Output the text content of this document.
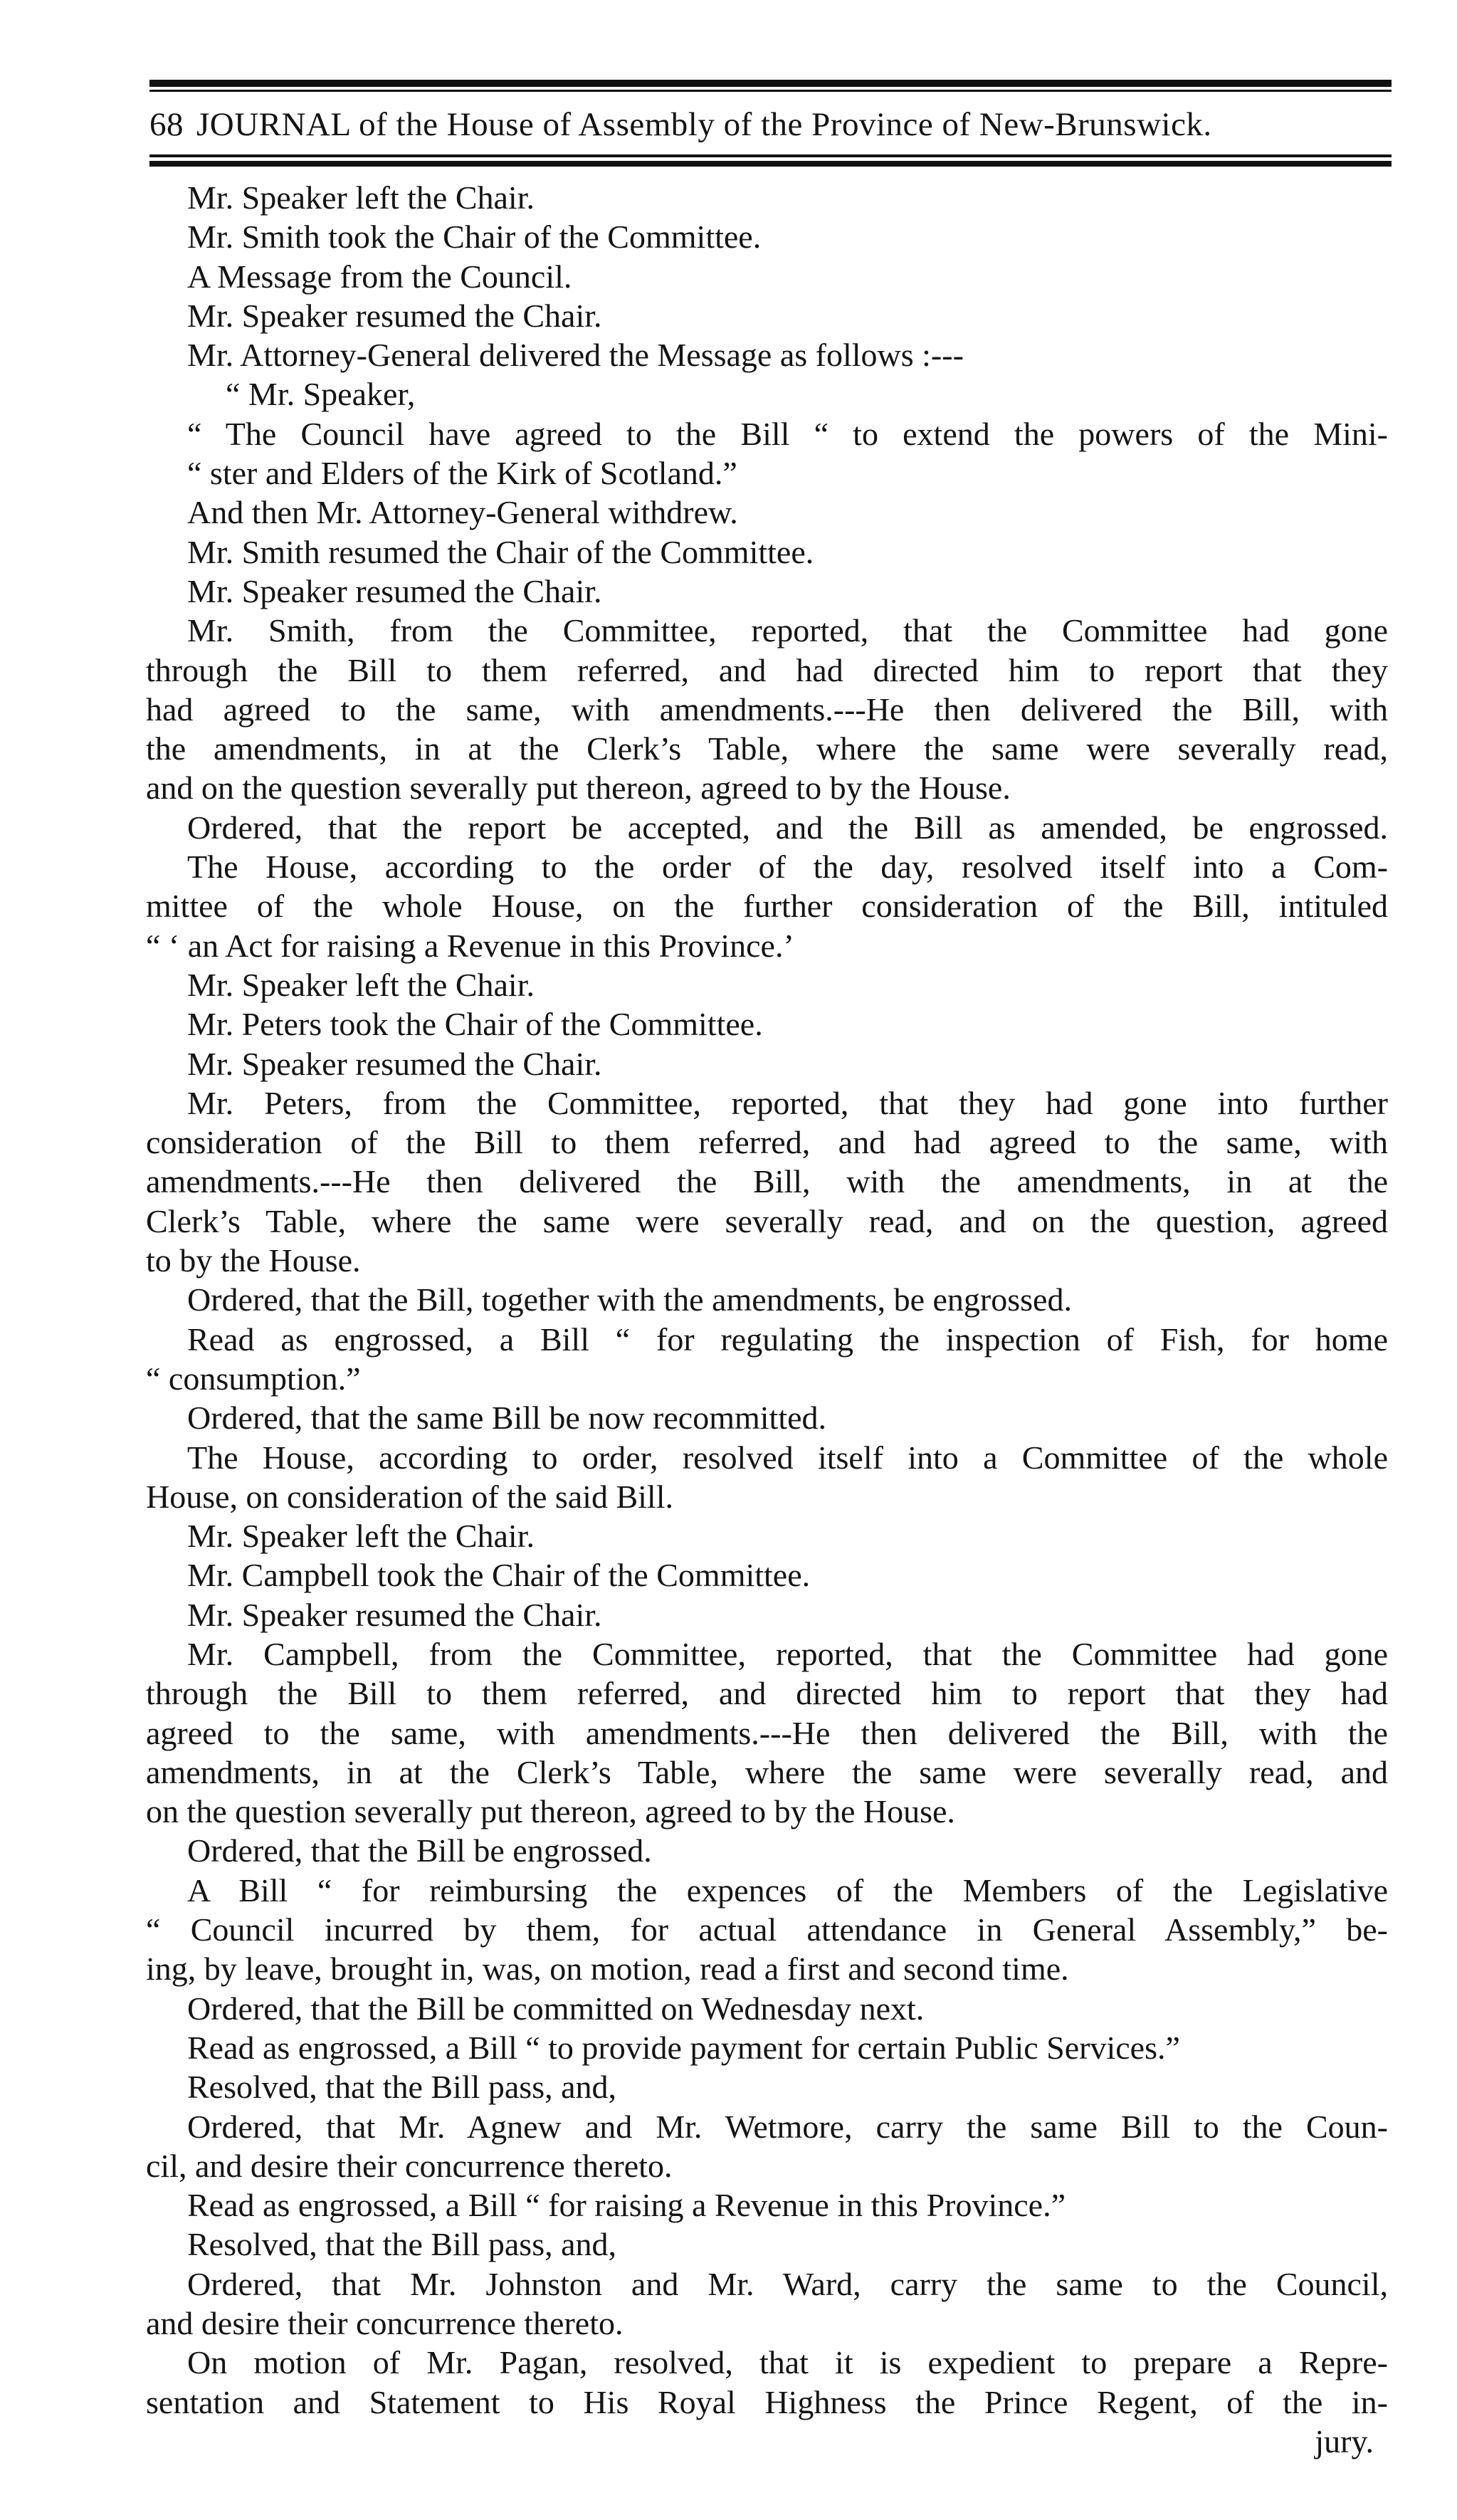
68 JOURNAL of the House of Assembly of the Province of New-Brunswick.
Mr. Speaker left the Chair.
Mr. Smith took the Chair of the Committee.
A Message from the Council.
Mr. Speaker resumed the Chair.
Mr. Attorney-General delivered the Message as follows :---
“ Mr. Speaker,
“ The Council have agreed to the Bill “ to extend the powers of the Mini-
“ ster and Elders of the Kirk of Scotland.”
And then Mr. Attorney-General withdrew.
Mr. Smith resumed the Chair of the Committee.
Mr. Speaker resumed the Chair.
Mr. Smith, from the Committee, reported, that the Committee had gone
through the Bill to them referred, and had directed him to report that they
had agreed to the same, with amendments.---He then delivered the Bill, with
the amendments, in at the Clerk’s Table, where the same were severally read,
and on the question severally put thereon, agreed to by the House.
Ordered, that the report be accepted, and the Bill as amended, be engrossed.
The House, according to the order of the day, resolved itself into a Com-
mittee of the whole House, on the further consideration of the Bill, intituled
“ ‘ an Act for raising a Revenue in this Province.’
Mr. Speaker left the Chair.
Mr. Peters took the Chair of the Committee.
Mr. Speaker resumed the Chair.
Mr. Peters, from the Committee, reported, that they had gone into further
consideration of the Bill to them referred, and had agreed to the same, with
amendments.---He then delivered the Bill, with the amendments, in at the
Clerk’s Table, where the same were severally read, and on the question, agreed
to by the House.
Ordered, that the Bill, together with the amendments, be engrossed.
Read as engrossed, a Bill “ for regulating the inspection of Fish, for home
“ consumption.”
Ordered, that the same Bill be now recommitted.
The House, according to order, resolved itself into a Committee of the whole
House, on consideration of the said Bill.
Mr. Speaker left the Chair.
Mr. Campbell took the Chair of the Committee.
Mr. Speaker resumed the Chair.
Mr. Campbell, from the Committee, reported, that the Committee had gone
through the Bill to them referred, and directed him to report that they had
agreed to the same, with amendments.---He then delivered the Bill, with the
amendments, in at the Clerk’s Table, where the same were severally read, and
on the question severally put thereon, agreed to by the House.
Ordered, that the Bill be engrossed.
A Bill “ for reimbursing the expences of the Members of the Legislative
“ Council incurred by them, for actual attendance in General Assembly,” be-
ing, by leave, brought in, was, on motion, read a first and second time.
Ordered, that the Bill be committed on Wednesday next.
Read as engrossed, a Bill “ to provide payment for certain Public Services.”
Resolved, that the Bill pass, and,
Ordered, that Mr. Agnew and Mr. Wetmore, carry the same Bill to the Coun-
cil, and desire their concurrence thereto.
Read as engrossed, a Bill “ for raising a Revenue in this Province.”
Resolved, that the Bill pass, and,
Ordered, that Mr. Johnston and Mr. Ward, carry the same to the Council,
and desire their concurrence thereto.
On motion of Mr. Pagan, resolved, that it is expedient to prepare a Repre-
sentation and Statement to His Royal Highness the Prince Regent, of the in-
jury.
